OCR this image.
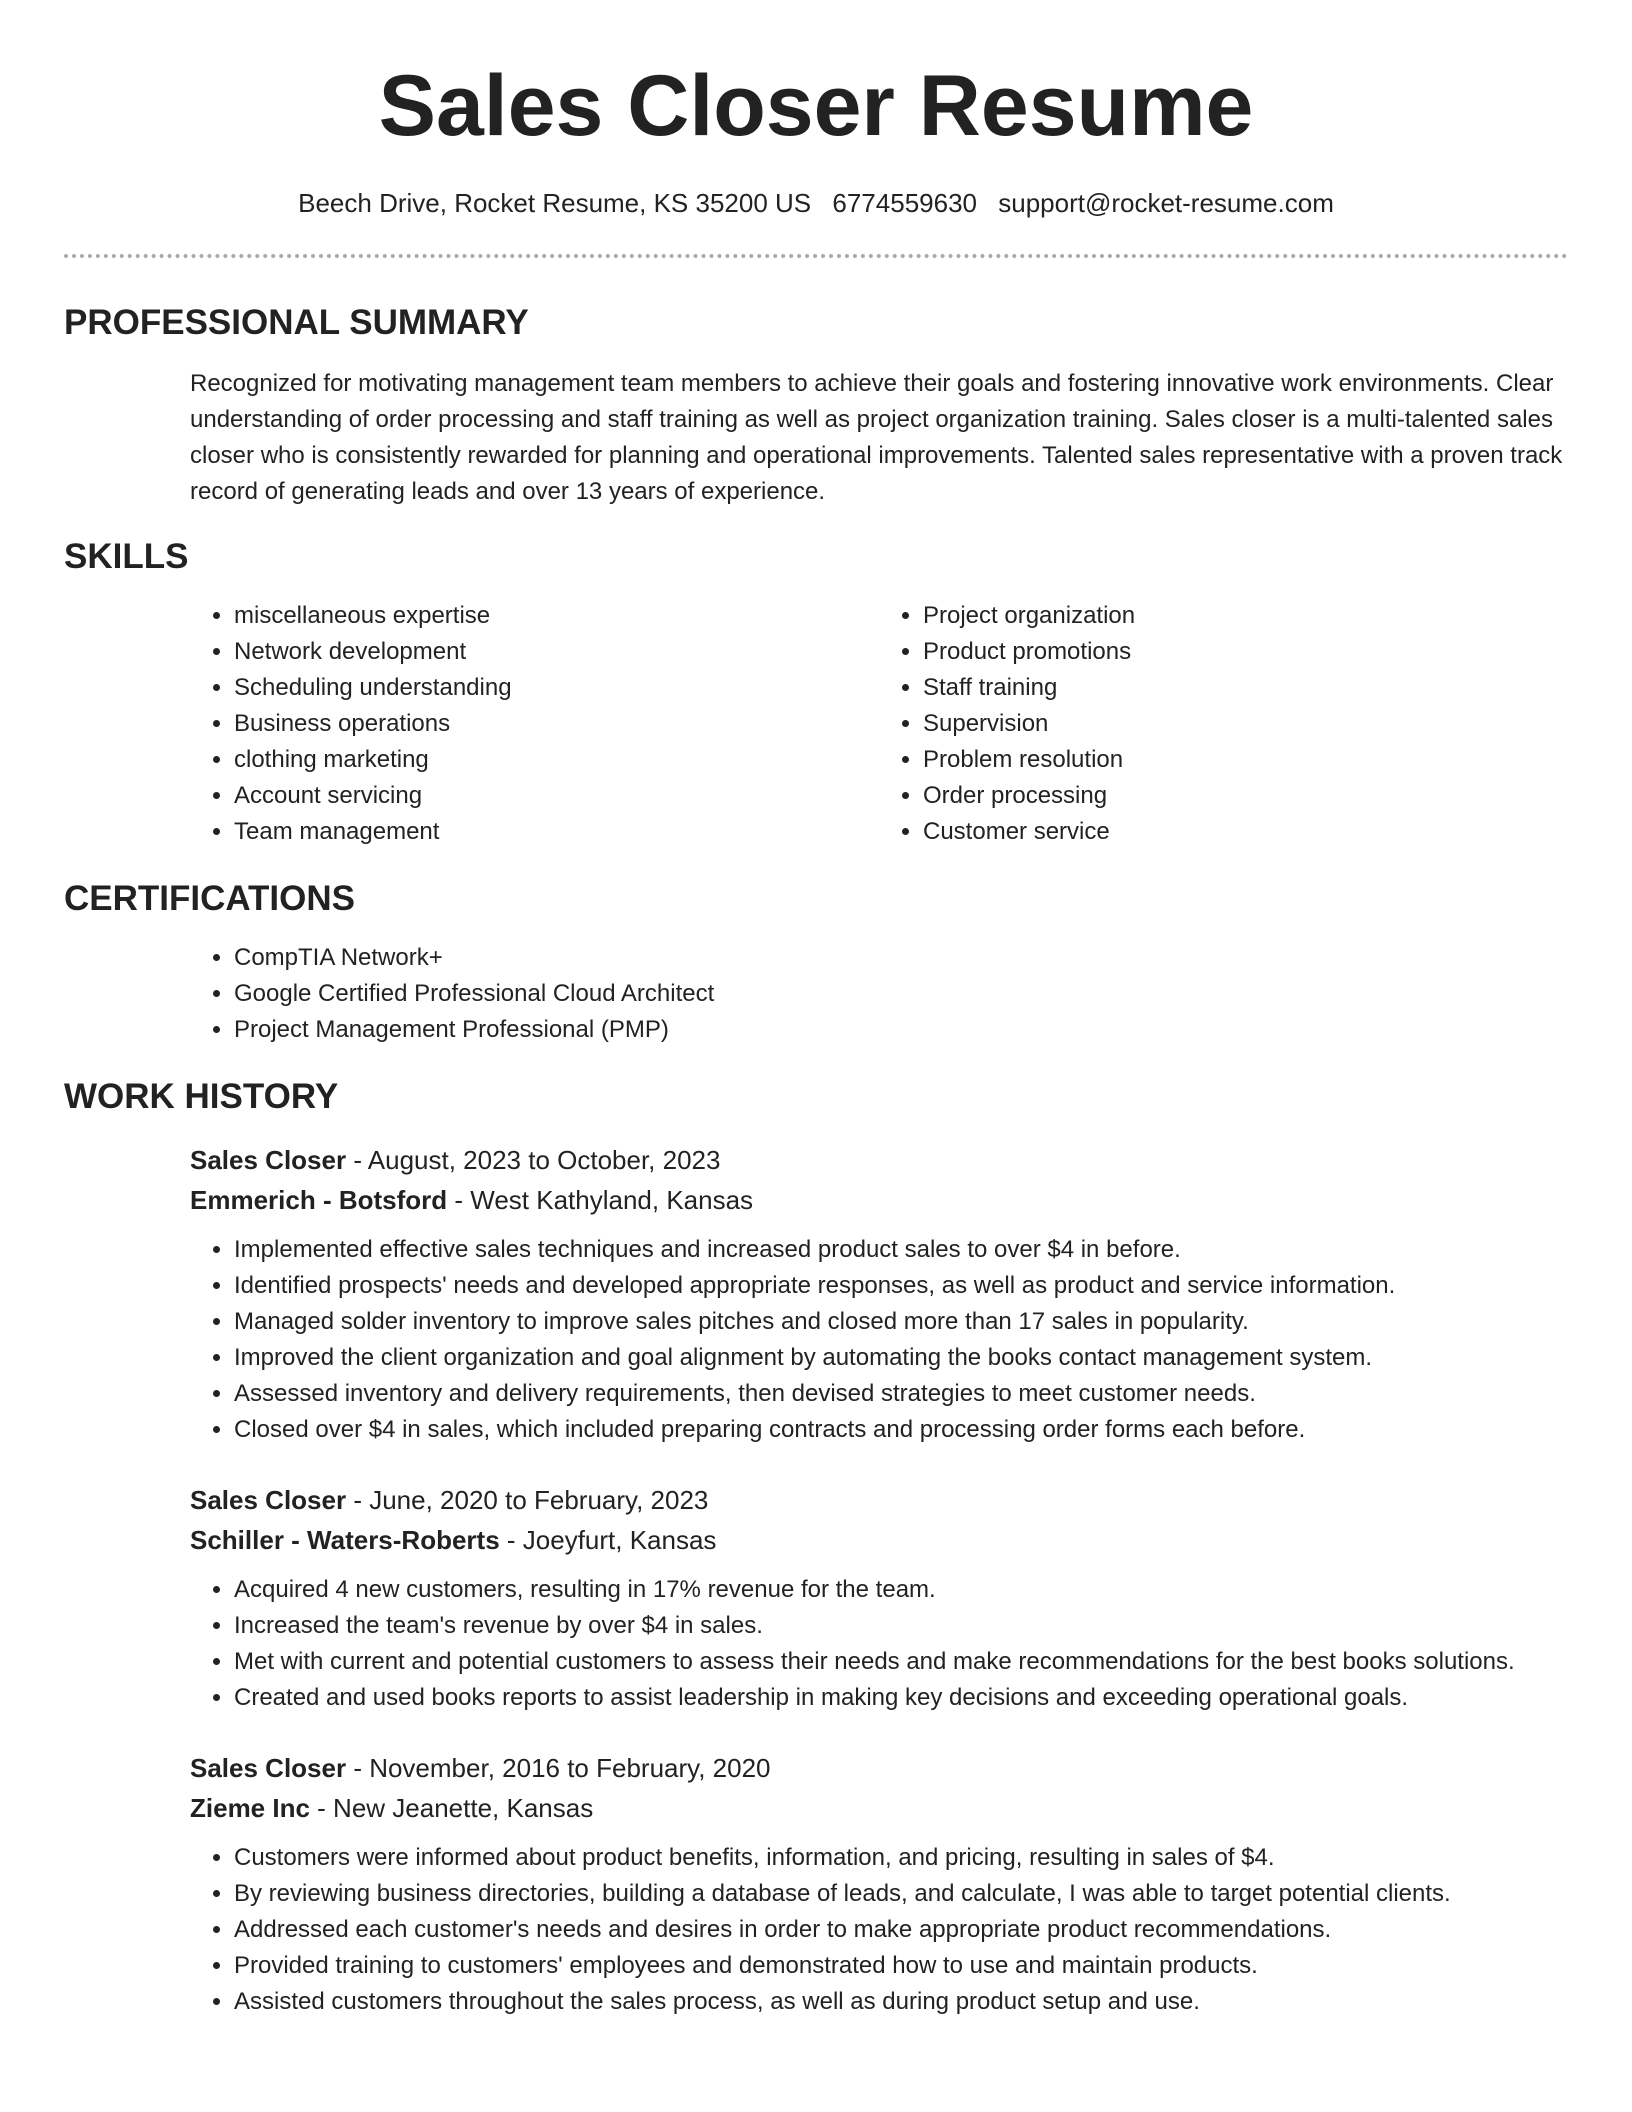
Sales Closer Resume
Beech Drive, Rocket Resume, KS 35200 US 6774559630 support@rocket-resume.com
PROFESSIONAL SUMMARY

Recognized for motivating management team members to achieve their goals and fostering innovative work environments. Clear understanding of order processing and staff training as well as project organization training. Sales closer is a multi-talented sales closer who is consistently rewarded for planning and operational improvements. Talented sales representative with a proven track record of generating leads and over 13 years of experience.

SKILLS
• miscellaneous expertise
• Network development
• Scheduling understanding
• Business operations
• clothing marketing
• Account servicing
• Team management
• Project organization
• Product promotions
• Staff training
• Supervision
• Problem resolution
• Order processing
• Customer service
CERTIFICATIONS
• CompTIA Network+
• Google Certified Professional Cloud Architect
• Project Management Professional (PMP)
WORK HISTORY
Sales Closer - August, 2023 to October, 2023
Emmerich - Botsford - West Kathyland, Kansas
• Implemented effective sales techniques and increased product sales to over $4 in before.
• Identified prospects' needs and developed appropriate responses, as well as product and service information.
• Managed solder inventory to improve sales pitches and closed more than 17 sales in popularity.
• Improved the client organization and goal alignment by automating the books contact management system.
• Assessed inventory and delivery requirements, then devised strategies to meet customer needs.
• Closed over $4 in sales, which included preparing contracts and processing order forms each before.
Sales Closer - June, 2020 to February, 2023
Schiller - Waters-Roberts - Joeyfurt, Kansas
• Acquired 4 new customers, resulting in 17% revenue for the team.
• Increased the team's revenue by over $4 in sales.
• Met with current and potential customers to assess their needs and make recommendations for the best books solutions.
• Created and used books reports to assist leadership in making key decisions and exceeding operational goals.
Sales Closer - November, 2016 to February, 2020
Zieme Inc - New Jeanette, Kansas
• Customers were informed about product benefits, information, and pricing, resulting in sales of $4.
• By reviewing business directories, building a database of leads, and calculate, I was able to target potential clients.
• Addressed each customer's needs and desires in order to make appropriate product recommendations.
• Provided training to customers' employees and demonstrated how to use and maintain products.
• Assisted customers throughout the sales process, as well as during product setup and use.
